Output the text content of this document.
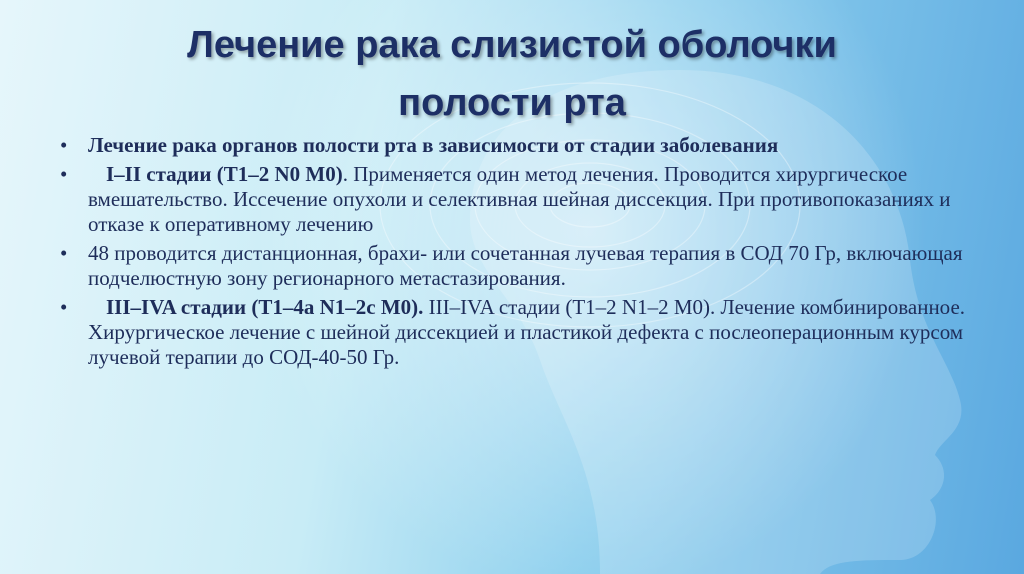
Лечение рака слизистой оболочки
полости рта
• Лечение рака органов полости рта в зависимости от стадии заболевания
• I–II стадии (Т1–2 N0 M0). Применяется один метод лечения. Проводится хирургическое вмешательство. Иссечение опухоли и селективная шейная диссекция. При противопоказаниях и отказе к оперативному лечению
• 48 проводится дистанционная, брахи- или сочетанная лучевая терапия в СОД 70 Гр, включающая подчелюстную зону регионарного метастазирования.
• III–IVA стадии (Т1–4а N1–2с М0). III–IVA стадии (Т1–2 N1–2 M0). Лечение комбинированное. Хирургическое лечение с шейной диссекцией и пластикой дефекта с послеоперационным курсом лучевой терапии до СОД-40-50 Гр.
